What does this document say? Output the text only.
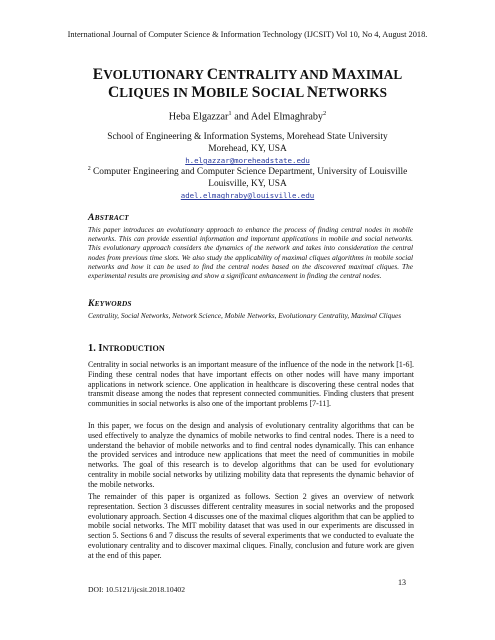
International Journal of Computer Science & Information Technology (IJCSIT) Vol 10, No 4, August 2018.
EVOLUTIONARY CENTRALITY AND MAXIMAL
CLIQUES IN MOBILE SOCIAL NETWORKS
Heba Elgazzar$^1$ and Adel Elmaghraby$^2$
School of Engineering & Information Systems, Morehead State University
Morehead, KY, USA
h.elgazzar@moreheadstate.edu
$^2$ Computer Engineering and Computer Science Department, University of Louisville
Louisville, KY, USA
adel.elmaghraby@louisville.edu
ABSTRACT
This paper introduces an evolutionary approach to enhance the process of finding central nodes in mobile networks. This can provide essential information and important applications in mobile and social networks. This evolutionary approach considers the dynamics of the network and takes into consideration the central nodes from previous time slots. We also study the applicability of maximal cliques algorithms in mobile social networks and how it can be used to find the central nodes based on the discovered maximal cliques. The experimental results are promising and show a significant enhancement in finding the central nodes.
KEYWORDS
Centrality, Social Networks, Network Science, Mobile Networks, Evolutionary Centrality, Maximal Cliques
1. INTRODUCTION
Centrality in social networks is an important measure of the influence of the node in the network [1-6]. Finding these central nodes that have important effects on other nodes will have many important applications in network science. One application in healthcare is discovering these central nodes that transmit disease among the nodes that represent connected communities. Finding clusters that present communities in social networks is also one of the important problems [7-11].
In this paper, we focus on the design and analysis of evolutionary centrality algorithms that can be used effectively to analyze the dynamics of mobile networks to find central nodes. There is a need to understand the behavior of mobile networks and to find central nodes dynamically. This can enhance the provided services and introduce new applications that meet the need of communities in mobile networks. The goal of this research is to develop algorithms that can be used for evolutionary centrality in mobile social networks by utilizing mobility data that represents the dynamic behavior of the mobile networks.
The remainder of this paper is organized as follows. Section 2 gives an overview of network representation. Section 3 discusses different centrality measures in social networks and the proposed evolutionary approach. Section 4 discusses one of the maximal cliques algorithm that can be applied to mobile social networks. The MIT mobility dataset that was used in our experiments are discussed in section 5. Sections 6 and 7 discuss the results of several experiments that we conducted to evaluate the evolutionary centrality and to discover maximal cliques. Finally, conclusion and future work are given at the end of this paper.
DOI: 10.5121/ijcsit.2018.10402
13
